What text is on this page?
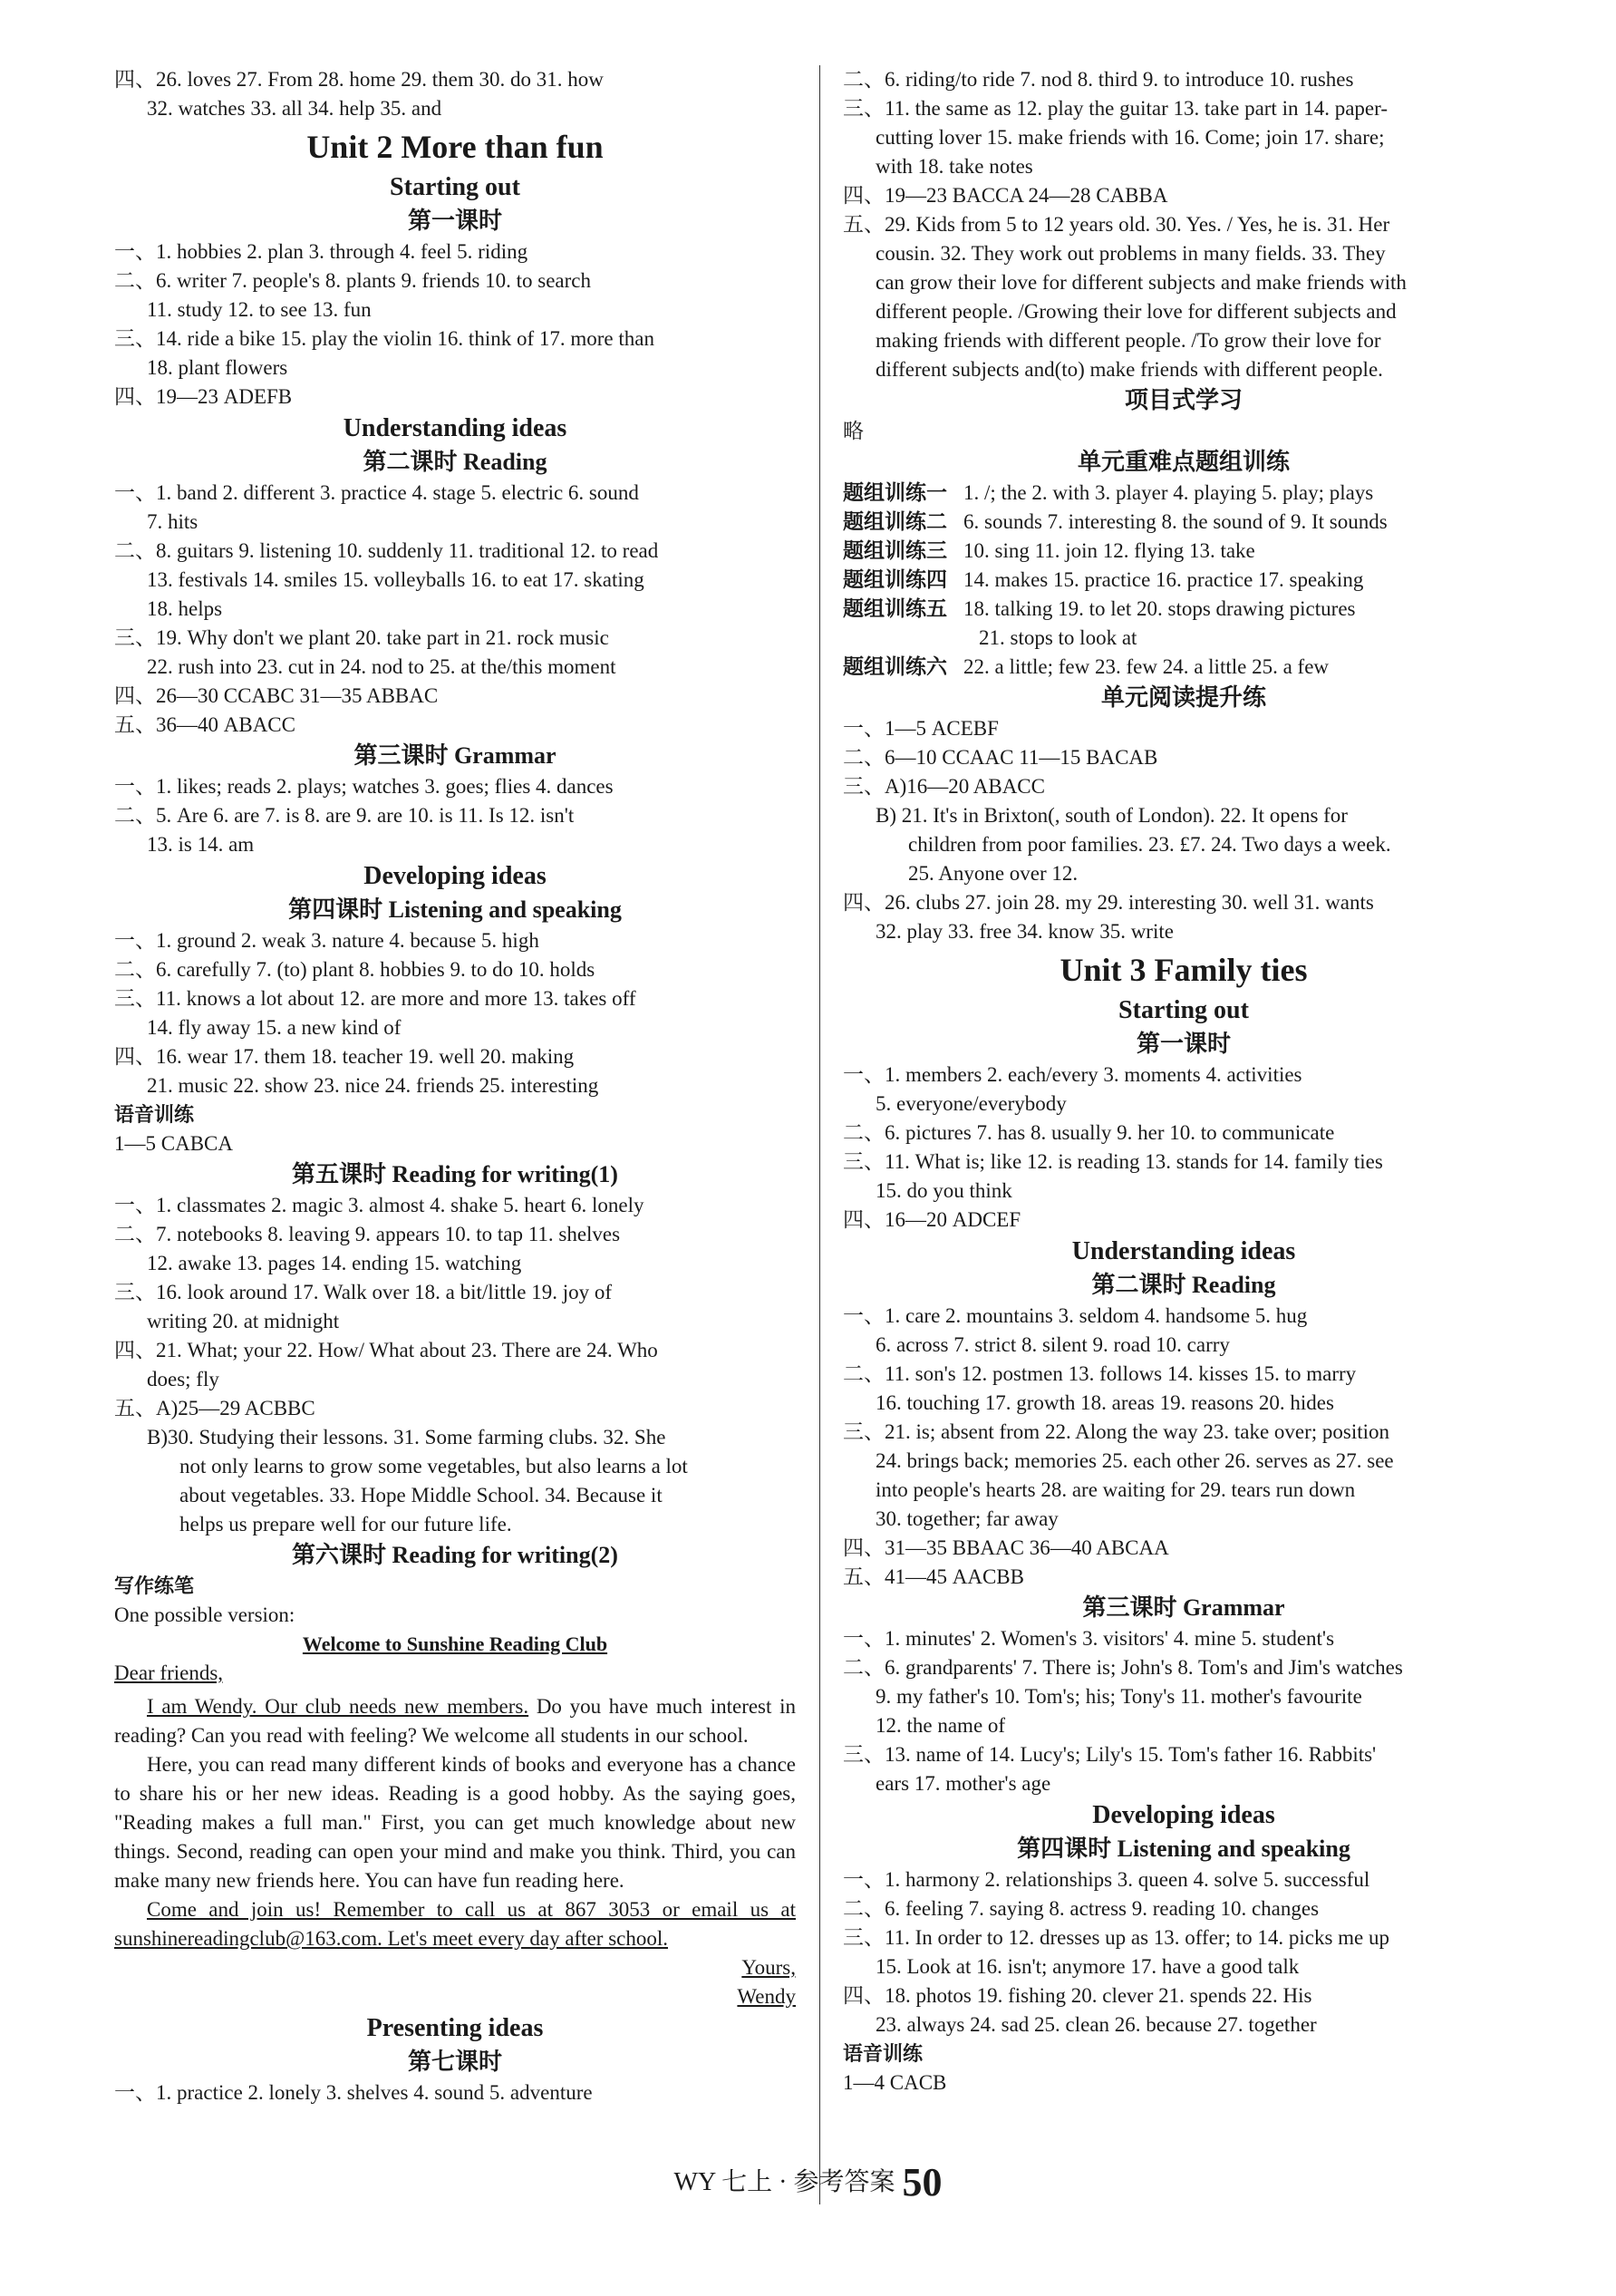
四、26. loves 27. From 28. home 29. them 30. do 31. how
32. watches 33. all 34. help 35. and
Unit 2 More than fun
Starting out
第一课时
一、1. hobbies 2. plan 3. through 4. feel 5. riding
二、6. writer 7. people's 8. plants 9. friends 10. to search
11. study 12. to see 13. fun
三、14. ride a bike 15. play the violin 16. think of 17. more than
18. plant flowers
四、19—23 ADEFB
Understanding ideas
第二课时 Reading
一、1. band 2. different 3. practice 4. stage 5. electric 6. sound
7. hits
二、8. guitars 9. listening 10. suddenly 11. traditional 12. to read
13. festivals 14. smiles 15. volleyballs 16. to eat 17. skating
18. helps
三、19. Why don't we plant 20. take part in 21. rock music
22. rush into 23. cut in 24. nod to 25. at the/this moment
四、26—30 CCABC 31—35 ABBAC
五、36—40 ABACC
第三课时 Grammar
一、1. likes; reads 2. plays; watches 3. goes; flies 4. dances
二、5. Are 6. are 7. is 8. are 9. are 10. is 11. Is 12. isn't
13. is 14. am
Developing ideas
第四课时 Listening and speaking
一、1. ground 2. weak 3. nature 4. because 5. high
二、6. carefully 7. (to) plant 8. hobbies 9. to do 10. holds
三、11. knows a lot about 12. are more and more 13. takes off
14. fly away 15. a new kind of
四、16. wear 17. them 18. teacher 19. well 20. making
21. music 22. show 23. nice 24. friends 25. interesting
语音训练
1—5 CABCA
第五课时 Reading for writing(1)
一、1. classmates 2. magic 3. almost 4. shake 5. heart 6. lonely
二、7. notebooks 8. leaving 9. appears 10. to tap 11. shelves
12. awake 13. pages 14. ending 15. watching
三、16. look around 17. Walk over 18. a bit/little 19. joy of
writing 20. at midnight
四、21. What; your 22. How/ What about 23. There are 24. Who
does; fly
五、A)25—29 ACBBC
B)30. Studying their lessons. 31. Some farming clubs. 32. She
not only learns to grow some vegetables, but also learns a lot
about vegetables. 33. Hope Middle School. 34. Because it
helps us prepare well for our future life.
第六课时 Reading for writing(2)
写作练笔
One possible version:
Welcome to Sunshine Reading Club
Dear friends,
I am Wendy. Our club needs new members. Do you have much interest in reading? Can you read with feeling? We welcome all students in our school.
Here, you can read many different kinds of books and everyone has a chance to share his or her new ideas. Reading is a good hobby. As the saying goes, "Reading makes a full man." First, you can get much knowledge about new things. Second, reading can open your mind and make you think. Third, you can make many new friends here. You can have fun reading here.
Come and join us! Remember to call us at 867 3053 or email us at sunshinereadingclub@163.com. Let's meet every day after school.
Yours,
Wendy
Presenting ideas
第七课时
一、1. practice 2. lonely 3. shelves 4. sound 5. adventure
二、6. riding/to ride 7. nod 8. third 9. to introduce 10. rushes
三、11. the same as 12. play the guitar 13. take part in 14. paper-
cutting lover 15. make friends with 16. Come; join 17. share;
with 18. take notes
四、19—23 BACCA 24—28 CABBA
五、29. Kids from 5 to 12 years old. 30. Yes. / Yes, he is. 31. Her
cousin. 32. They work out problems in many fields. 33. They
can grow their love for different subjects and make friends with
different people. /Growing their love for different subjects and
making friends with different people. /To grow their love for
different subjects and(to) make friends with different people.
项目式学习
略
单元重难点题组训练
题组训练一 1. /; the 2. with 3. player 4. playing 5. play; plays
题组训练二 6. sounds 7. interesting 8. the sound of 9. It sounds
题组训练三 10. sing 11. join 12. flying 13. take
题组训练四 14. makes 15. practice 16. practice 17. speaking
题组训练五 18. talking 19. to let 20. stops drawing pictures
21. stops to look at
题组训练六 22. a little; few 23. few 24. a little 25. a few
单元阅读提升练
一、1—5 ACEBF
二、6—10 CCAAC 11—15 BACAB
三、A)16—20 ABACC
B) 21. It's in Brixton(, south of London). 22. It opens for
children from poor families. 23. £7. 24. Two days a week.
25. Anyone over 12.
四、26. clubs 27. join 28. my 29. interesting 30. well 31. wants
32. play 33. free 34. know 35. write
Unit 3 Family ties
Starting out
第一课时
一、1. members 2. each/every 3. moments 4. activities
5. everyone/everybody
二、6. pictures 7. has 8. usually 9. her 10. to communicate
三、11. What is; like 12. is reading 13. stands for 14. family ties
15. do you think
四、16—20 ADCEF
Understanding ideas
第二课时 Reading
一、1. care 2. mountains 3. seldom 4. handsome 5. hug
6. across 7. strict 8. silent 9. road 10. carry
二、11. son's 12. postmen 13. follows 14. kisses 15. to marry
16. touching 17. growth 18. areas 19. reasons 20. hides
三、21. is; absent from 22. Along the way 23. take over; position
24. brings back; memories 25. each other 26. serves as 27. see
into people's hearts 28. are waiting for 29. tears run down
30. together; far away
四、31—35 BBAAC 36—40 ABCAA
五、41—45 AACBB
第三课时 Grammar
一、1. minutes' 2. Women's 3. visitors' 4. mine 5. student's
二、6. grandparents' 7. There is; John's 8. Tom's and Jim's watches
9. my father's 10. Tom's; his; Tony's 11. mother's favourite
12. the name of
三、13. name of 14. Lucy's; Lily's 15. Tom's father 16. Rabbits'
ears 17. mother's age
Developing ideas
第四课时 Listening and speaking
一、1. harmony 2. relationships 3. queen 4. solve 5. successful
二、6. feeling 7. saying 8. actress 9. reading 10. changes
三、11. In order to 12. dresses up as 13. offer; to 14. picks me up
15. Look at 16. isn't; anymore 17. have a good talk
四、18. photos 19. fishing 20. clever 21. spends 22. His
23. always 24. sad 25. clean 26. because 27. together
语音训练
1—4 CACB
WY 七上 · 参考答案 50
